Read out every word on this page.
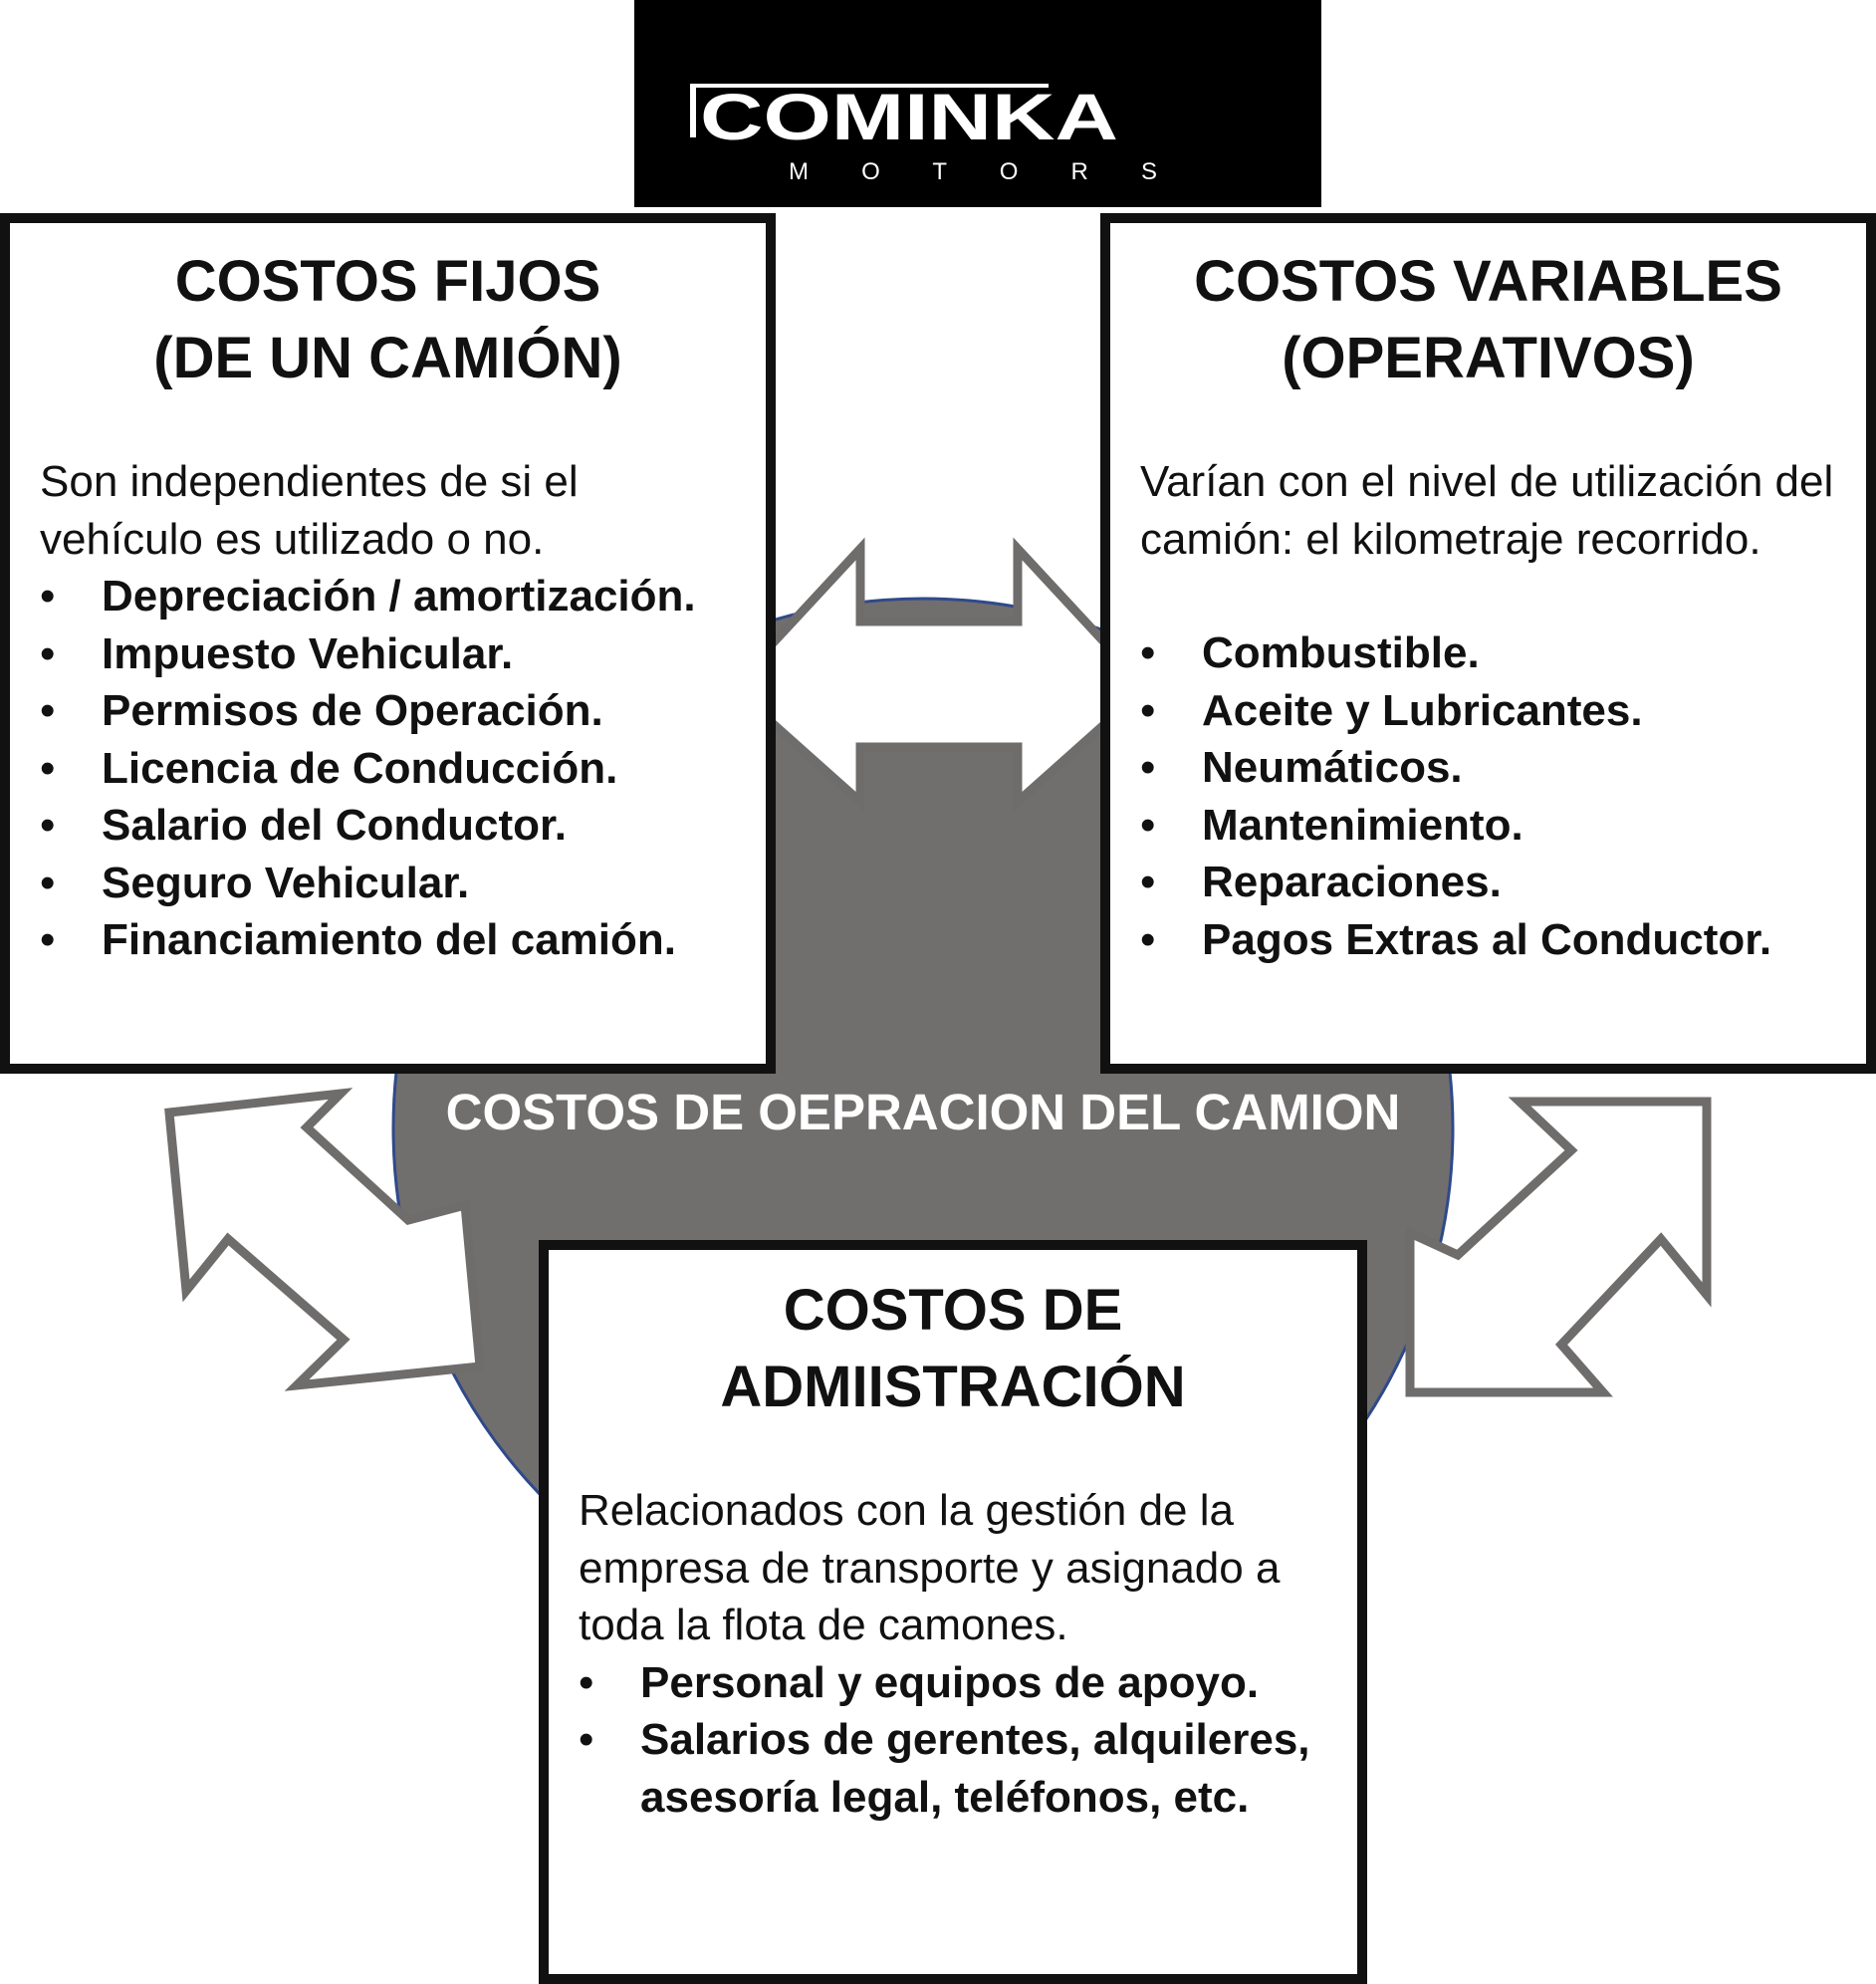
COMINKA
M O T O R S
COSTOS DE OEPRACION DEL CAMION
COSTOS FIJOS
(DE UN CAMIÓN)

Son independientes de si el vehículo es utilizado o no.

• Depreciación / amortización.
• Impuesto Vehicular.
• Permisos de Operación.
• Licencia de Conducción.
• Salario del Conductor.
• Seguro Vehicular.
• Financiamiento del camión.
COSTOS VARIABLES
(OPERATIVOS)

Varían con el nivel de utilización del camión: el kilometraje recorrido.

• Combustible.
• Aceite y Lubricantes.
• Neumáticos.
• Mantenimiento.
• Reparaciones.
• Pagos Extras al Conductor.
COSTOS DE
ADMIISTRACIÓN

Relacionados con la gestión de la empresa de transporte y asignado a toda la flota de camones.

• Personal y equipos de apoyo.
• Salarios de gerentes, alquileres, asesoría legal, teléfonos, etc.
